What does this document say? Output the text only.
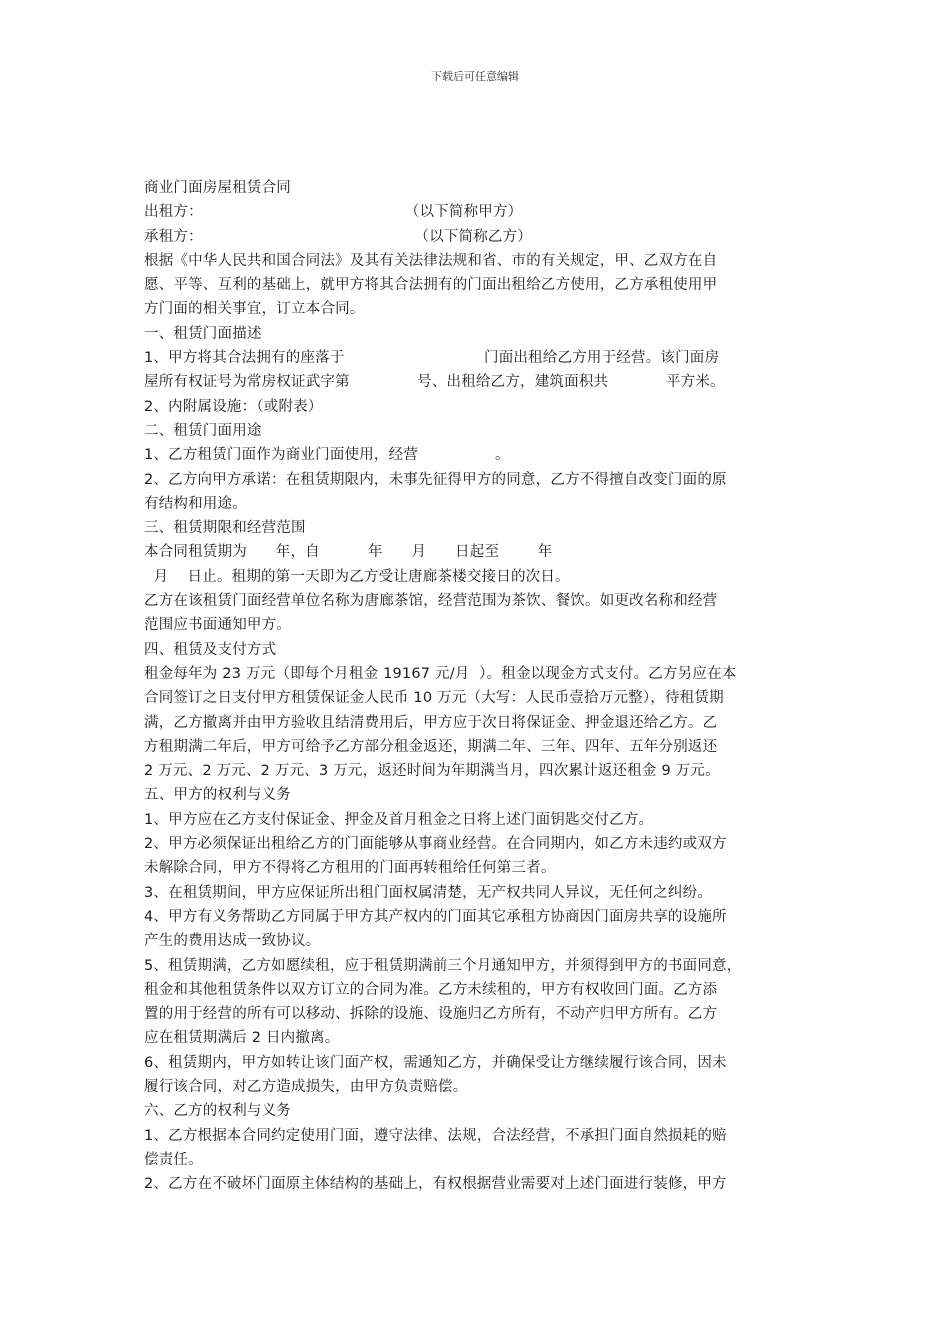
下载后可任意编辑
商业门面房屋租赁合同
出租方：                                          （以下简称甲方）
承租方：                                            （以下简称乙方）
根据《中华人民共和国合同法》及其有关法律法规和省、市的有关规定，甲、乙双方在自
愿、平等、互利的基础上，就甲方将其合法拥有的门面出租给乙方使用，乙方承租使用甲
方门面的相关事宜，订立本合同。
一、租赁门面描述
1、甲方将其合法拥有的座落于                             门面出租给乙方用于经营。该门面房
屋所有权证号为常房权证武字第              号、出租给乙方，建筑面积共            平方米。
2、内附属设施：（或附表）
二、租赁门面用途
1、乙方租赁门面作为商业门面使用，经营                。
2、乙方向甲方承诺：在租赁期限内，未事先征得甲方的同意，乙方不得擅自改变门面的原
有结构和用途。
三、租赁期限和经营范围
本合同租赁期为      年，自          年      月      日起至        年
月    日止。租期的第一天即为乙方受让唐廊茶楼交接日的次日。
乙方在该租赁门面经营单位名称为唐廊茶馆，经营范围为茶饮、餐饮。如更改名称和经营
范围应书面通知甲方。
四、租赁及支付方式
租金每年为 23 万元（即每个月租金 19167 元/月  ）。租金以现金方式支付。乙方另应在本
合同签订之日支付甲方租赁保证金人民币 10 万元（大写：人民币壹拾万元整），待租赁期
满，乙方撤离并由甲方验收且结清费用后，甲方应于次日将保证金、押金退还给乙方。乙
方租期满二年后，甲方可给予乙方部分租金返还，期满二年、三年、四年、五年分别返还
2 万元、2 万元、2 万元、3 万元，返还时间为年期满当月，四次累计返还租金 9 万元。
五、甲方的权利与义务
1、甲方应在乙方支付保证金、押金及首月租金之日将上述门面钥匙交付乙方。
2、甲方必须保证出租给乙方的门面能够从事商业经营。在合同期内，如乙方未违约或双方
未解除合同，甲方不得将乙方租用的门面再转租给任何第三者。
3、在租赁期间，甲方应保证所出租门面权属清楚，无产权共同人异议，无任何之纠纷。
4、甲方有义务帮助乙方同属于甲方其产权内的门面其它承租方协商因门面房共享的设施所
产生的费用达成一致协议。
5、租赁期满，乙方如愿续租，应于租赁期满前三个月通知甲方，并须得到甲方的书面同意，
租金和其他租赁条件以双方订立的合同为准。乙方未续租的，甲方有权收回门面。乙方添
置的用于经营的所有可以移动、拆除的设施、设施归乙方所有，不动产归甲方所有。乙方
应在租赁期满后 2 日内撤离。
6、租赁期内，甲方如转让该门面产权，需通知乙方，并确保受让方继续履行该合同，因未
履行该合同，对乙方造成损失，由甲方负责赔偿。
六、乙方的权利与义务
1、乙方根据本合同约定使用门面，遵守法律、法规，合法经营，不承担门面自然损耗的赔
偿责任。
2、乙方在不破坏门面原主体结构的基础上，有权根据营业需要对上述门面进行装修，甲方
